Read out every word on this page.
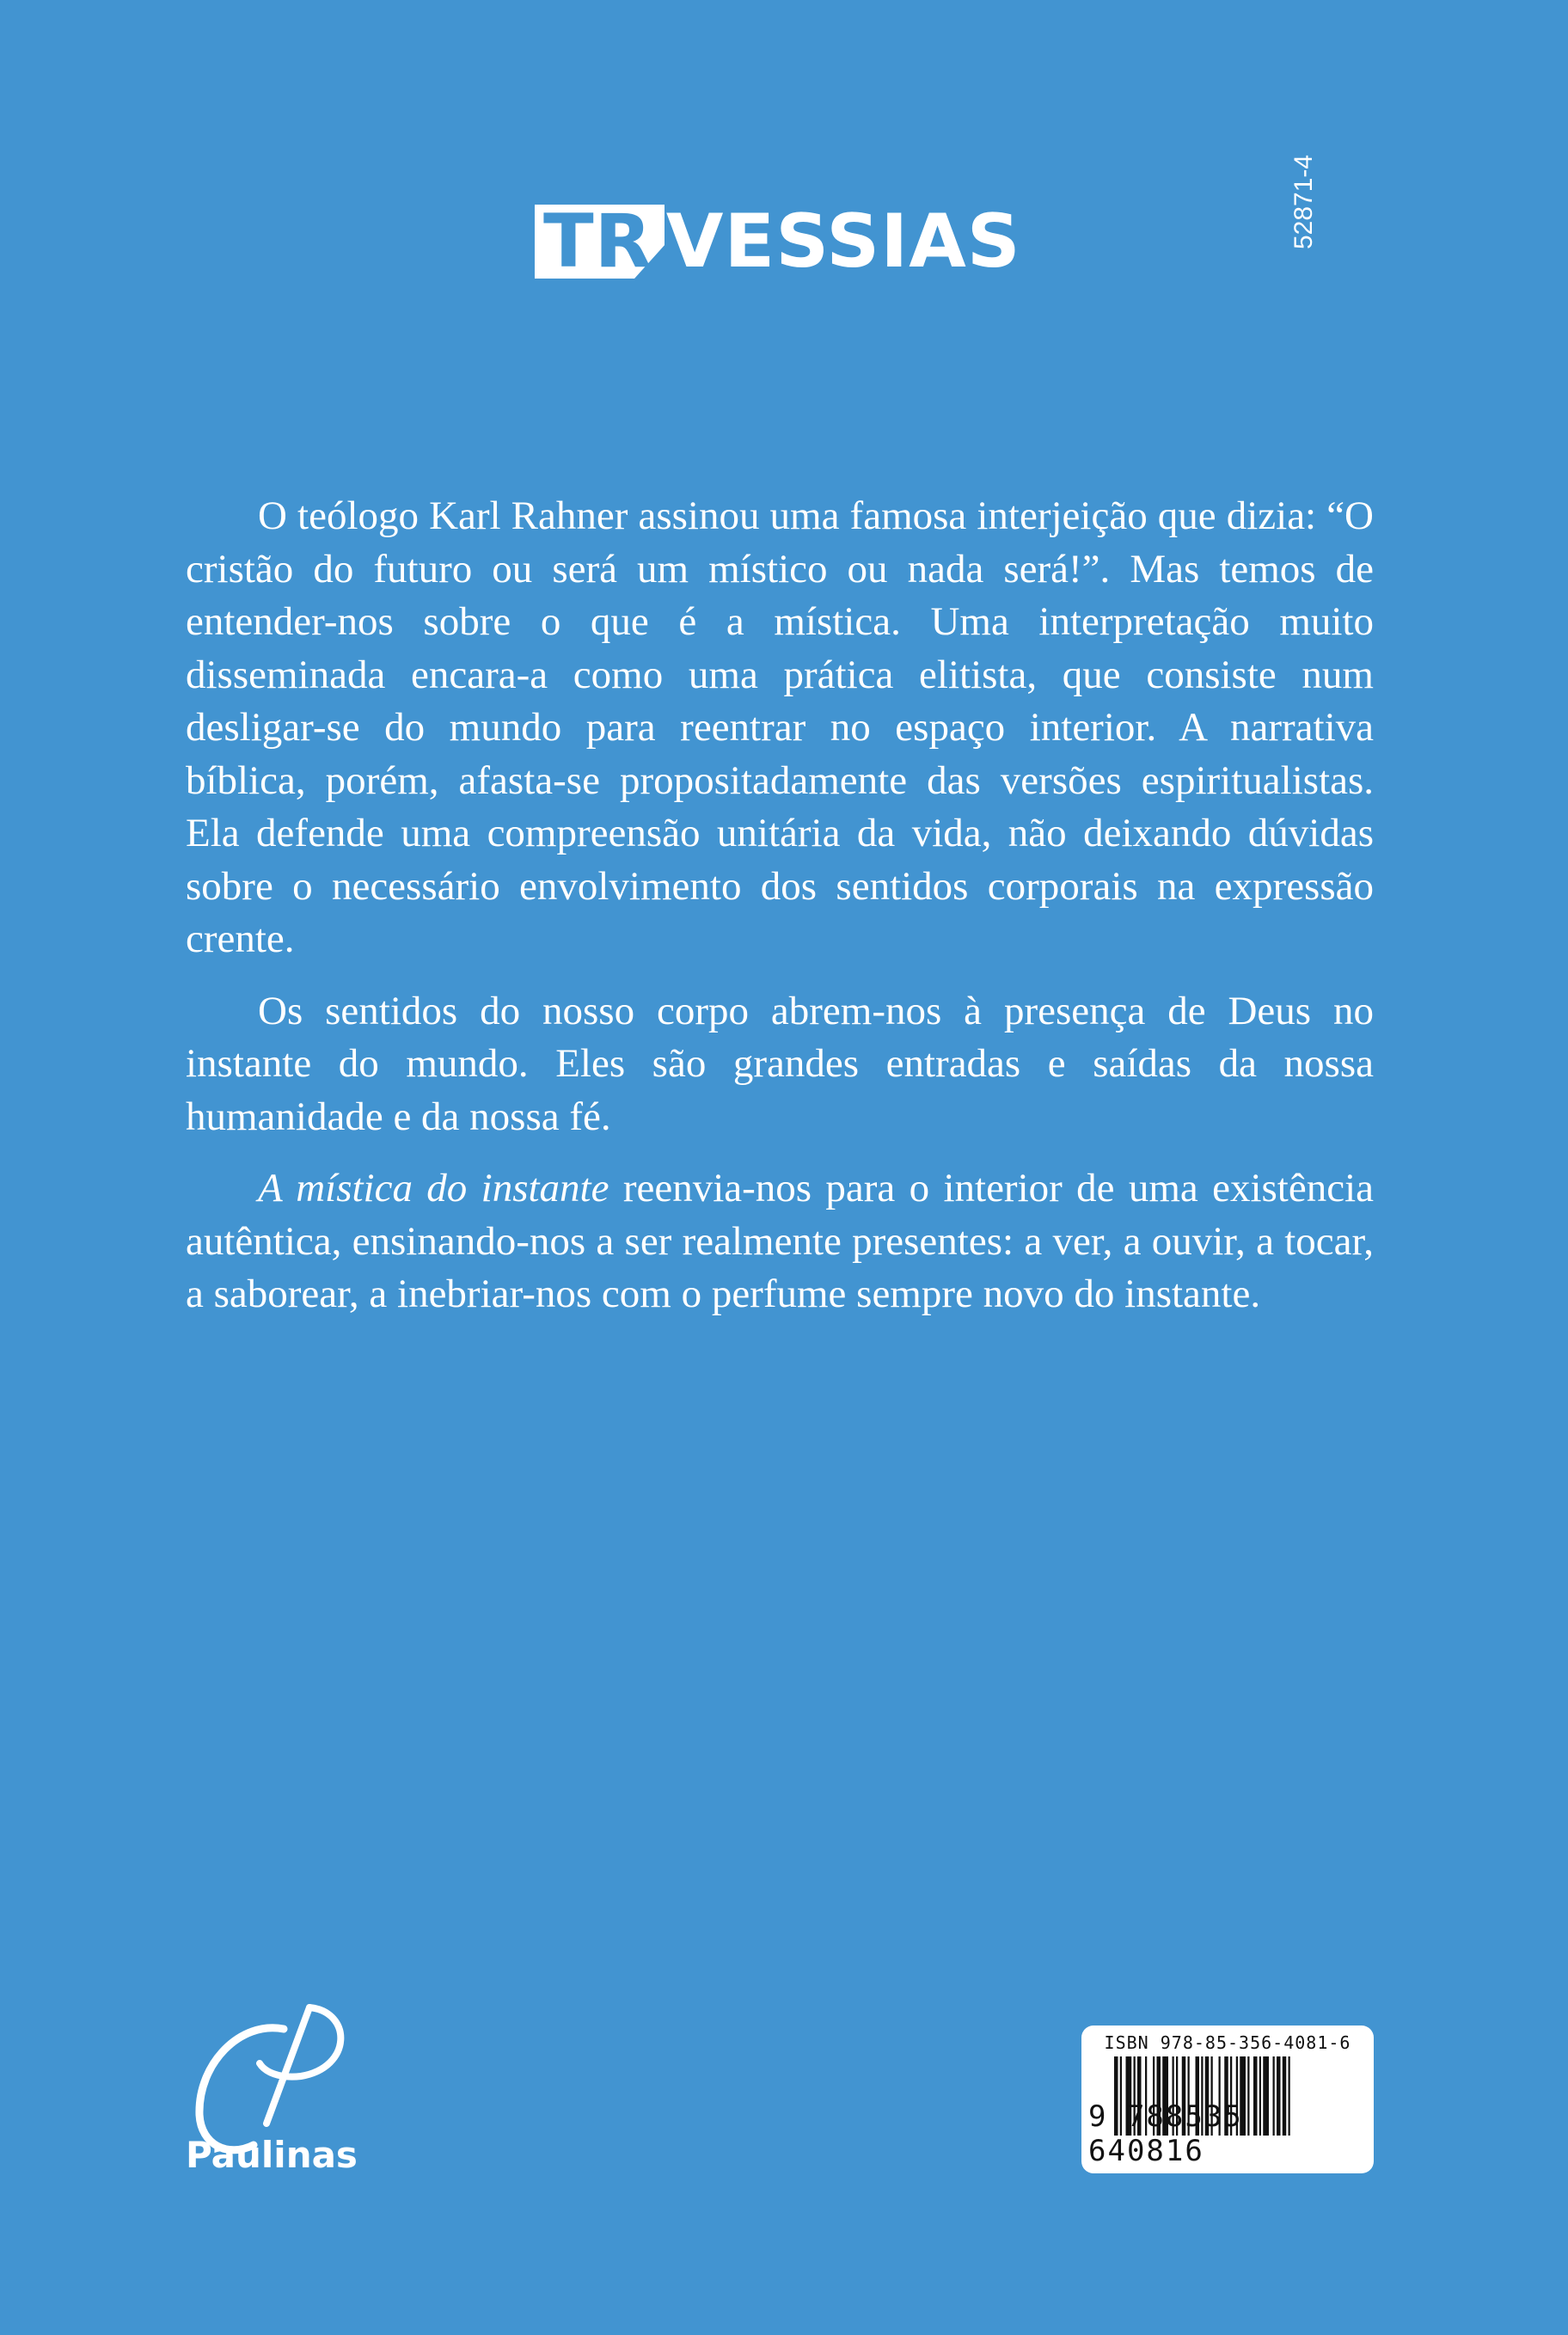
TR VESSIAS	52871-4

O teólogo Karl Rahner assinou uma famosa interjeição que dizia: “O cristão do futuro ou será um místico ou nada será!”. Mas temos de entender-nos sobre o que é a mística. Uma interpretação muito disseminada encara-a como uma prática elitista, que consiste num desligar-se do mundo para reentrar no espaço interior. A narrativa bíblica, porém, afasta-se propositadamente das versões espiritualistas. Ela defende uma compreensão unitária da vida, não deixando dúvidas sobre o necessário envolvimento dos sentidos corporais na expressão crente.

Os sentidos do nosso corpo abrem-nos à presença de Deus no instante do mundo. Eles são grandes entradas e saídas da nossa humanidade e da nossa fé.

A mística do instante reenvia-nos para o interior de uma existência autêntica, ensinando-nos a ser realmente presentes: a ver, a ouvir, a tocar, a saborear, a inebriar-nos com o perfume sempre novo do instante.

Paulinas
ISBN 978-85-356-4081-6
9 788535 640816
